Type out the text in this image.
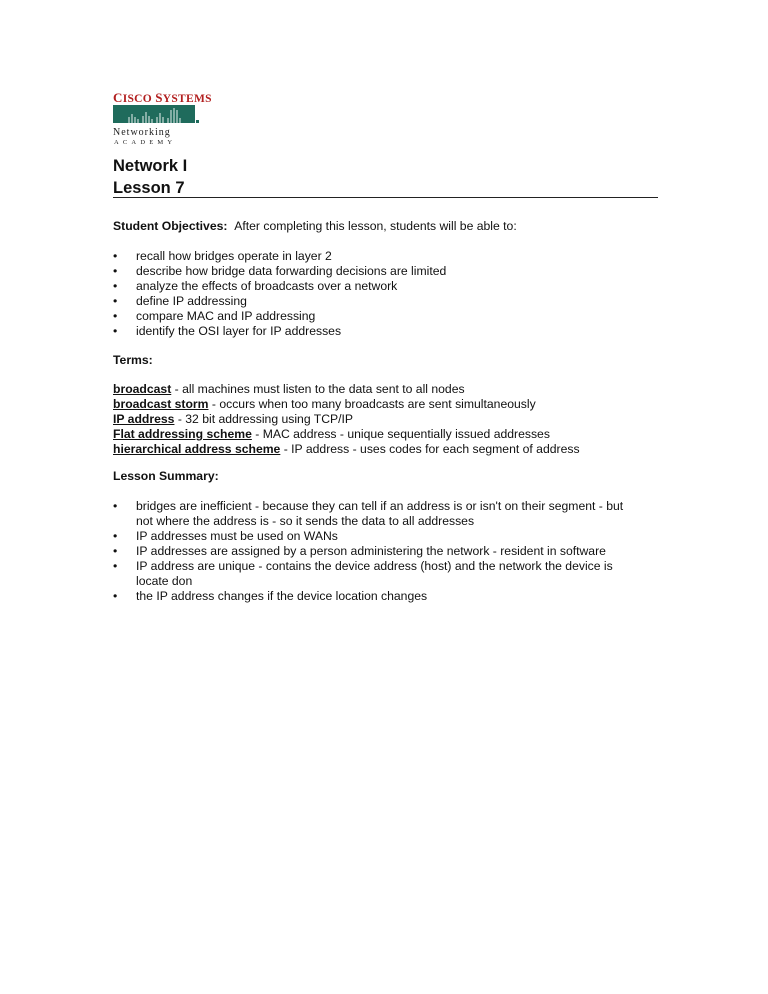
CISCO SYSTEMS
Networking
ACADEMY
Network I
Lesson 7
Student Objectives: After completing this lesson, students will be able to:
• recall how bridges operate in layer 2
• describe how bridge data forwarding decisions are limited
• analyze the effects of broadcasts over a network
• define IP addressing
• compare MAC and IP addressing
• identify the OSI layer for IP addresses
Terms:
broadcast - all machines must listen to the data sent to all nodes
broadcast storm - occurs when too many broadcasts are sent simultaneously
IP address - 32 bit addressing using TCP/IP
Flat addressing scheme - MAC address - unique sequentially issued addresses
hierarchical address scheme - IP address - uses codes for each segment of address
Lesson Summary:
• bridges are inefficient - because they can tell if an address is or isn't on their segment - but not where the address is - so it sends the data to all addresses
• IP addresses must be used on WANs
• IP addresses are assigned by a person administering the network - resident in software
• IP address are unique - contains the device address (host) and the network the device is locate don
• the IP address changes if the device location changes
